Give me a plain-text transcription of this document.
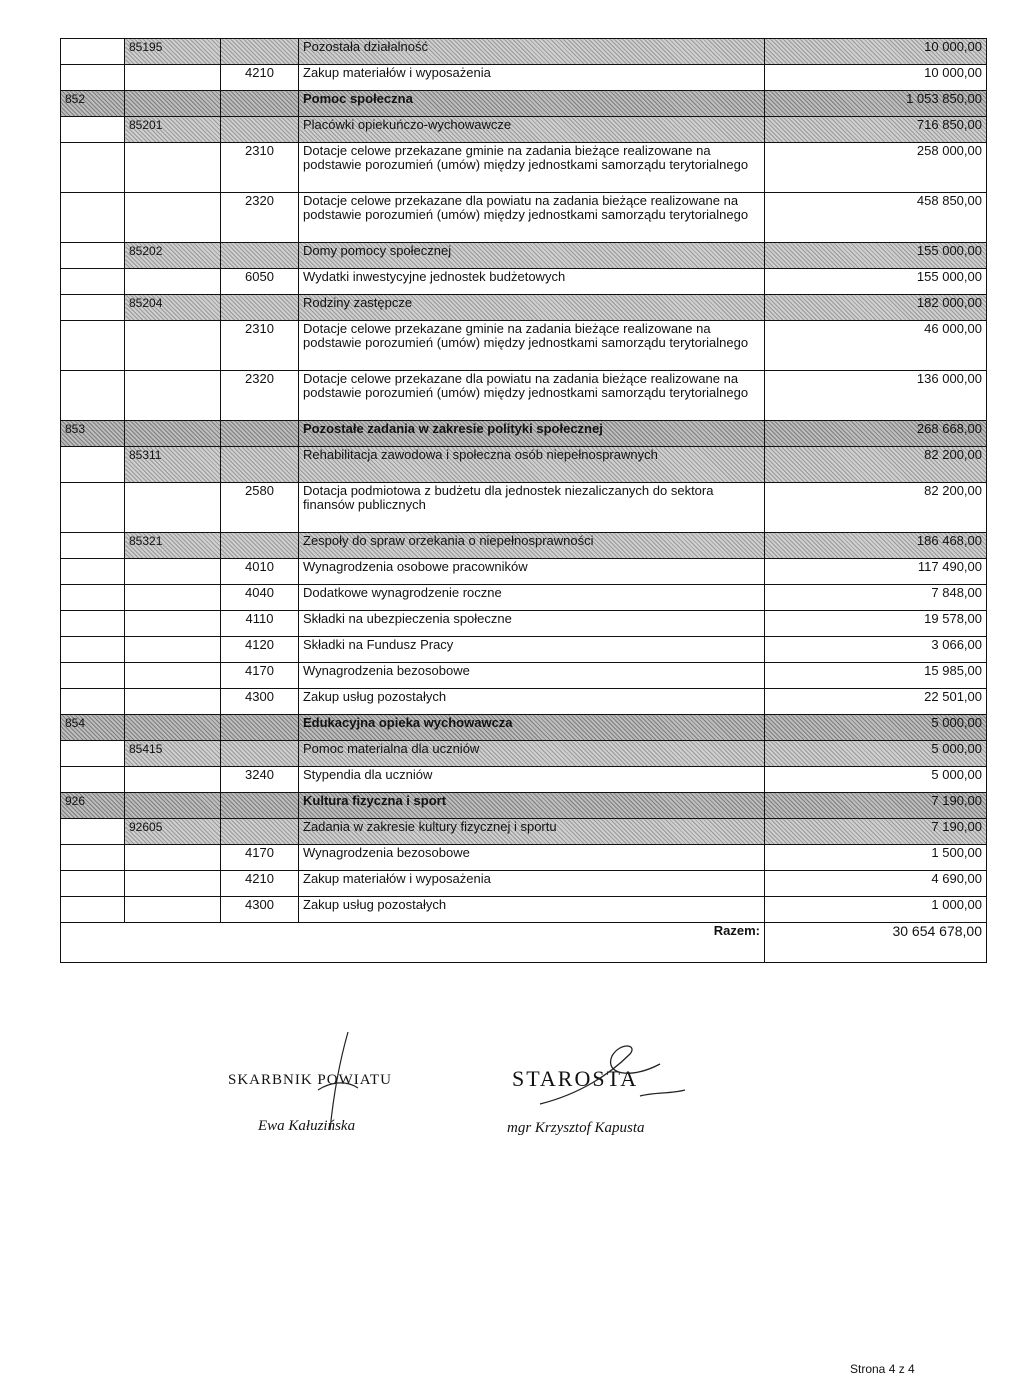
	85195		Pozostała działalność	10 000,00
		4210	Zakup materiałów i wyposażenia	10 000,00
852			Pomoc społeczna	1 053 850,00
	85201		Placówki opiekuńczo-wychowawcze	716 850,00
		2310	Dotacje celowe przekazane gminie na zadania bieżące realizowane na podstawie porozumień (umów) między jednostkami samorządu terytorialnego	258 000,00
		2320	Dotacje celowe przekazane dla powiatu na zadania bieżące realizowane na podstawie porozumień (umów) między jednostkami samorządu terytorialnego	458 850,00
	85202		Domy pomocy społecznej	155 000,00
		6050	Wydatki inwestycyjne jednostek budżetowych	155 000,00
	85204		Rodziny zastępcze	182 000,00
		2310	Dotacje celowe przekazane gminie na zadania bieżące realizowane na podstawie porozumień (umów) między jednostkami samorządu terytorialnego	46 000,00
		2320	Dotacje celowe przekazane dla powiatu na zadania bieżące realizowane na podstawie porozumień (umów) między jednostkami samorządu terytorialnego	136 000,00
853			Pozostałe zadania w zakresie polityki społecznej	268 668,00
	85311		Rehabilitacja zawodowa i społeczna osób niepełnosprawnych	82 200,00
		2580	Dotacja podmiotowa z budżetu dla jednostek niezaliczanych do sektora finansów publicznych	82 200,00
	85321		Zespoły do spraw orzekania o niepełnosprawności	186 468,00
		4010	Wynagrodzenia osobowe pracowników	117 490,00
		4040	Dodatkowe wynagrodzenie roczne	7 848,00
		4110	Składki na ubezpieczenia społeczne	19 578,00
		4120	Składki na Fundusz Pracy	3 066,00
		4170	Wynagrodzenia bezosobowe	15 985,00
		4300	Zakup usług pozostałych	22 501,00
854			Edukacyjna opieka wychowawcza	5 000,00
	85415		Pomoc materialna dla uczniów	5 000,00
		3240	Stypendia dla uczniów	5 000,00
926			Kultura fizyczna i sport	7 190,00
	92605		Zadania w zakresie kultury fizycznej i sportu	7 190,00
		4170	Wynagrodzenia bezosobowe	1 500,00
		4210	Zakup materiałów i wyposażenia	4 690,00
		4300	Zakup usług pozostałych	1 000,00
Razem:				30 654 678,00
SKARBNIK POWIATU
Ewa Kałuzińska
STAROSTA
mgr Krzysztof Kapusta
Strona 4 z 4
